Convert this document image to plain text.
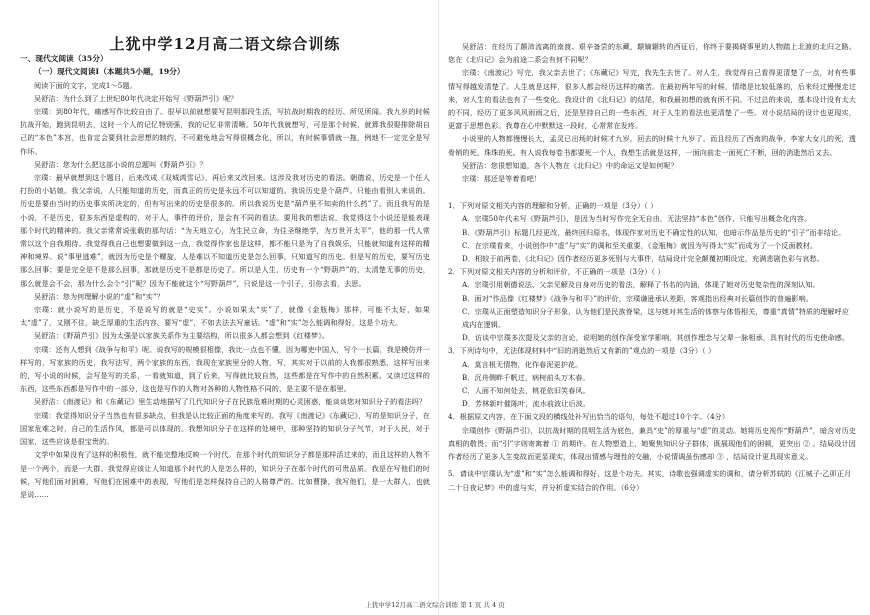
上犹中学12月高二语文综合训练
一、现代文阅读（35分）
（一）现代文阅读Ⅰ（本题共5小题，19分）
阅读下面的文字，完成1～5题。
吴舒洁：为什么到了上世纪80年代决定开始写《野葫芦引》呢？
宗璞：到80年代，痛感写作比较自由了。很早以前就想要写昆明那段生活，写抗战时期我的经历、所见所闻。我九岁的时候抗战开始，跑到昆明去，这时一个人的记忆特别强，我的记忆非常清晰。50年代我就想写，可是那个时候，就算我很娶排除胡自己的“本色”本宫，也肯定会要到社会思想的制约，不可避免地会写得很概念化，所以，有时候事情就一拖，例地不一定完全是写作坏。
吴舒洁：您为什么把这部小说的总题叫《野葫芦引》？
宗璞：最早就想到这个题目，后来改成《双城鸿雪记》，再后来又改回来。这涉及我对历史的看法。朝德说，历史是一个任人打扮的小姑娘。我父亲说，人只能知道的历史，而真正的历史是永远不可以知道的。我说历史是个葫芦。只能由看别人来说的。历史是要由当时的历史事实所决定的，但有写出来的历史是很多的。所以我说历史是“葫芦里不知卖的什么药”了。而且我写的是小说，不是历史，很多东西是虚构的，对于人，事件的评价，是会有不同的看法。要用我的想法说，我觉得这个小说还是能表现那个时代的精神的。我父亲常常说张载的那句话：“为天地立心，为生民立命，为往圣继绝学，为万世开太平”，他的那一代人常常以这个自我期待。我觉得我自己也想要做到这一点，我觉得作家也是这样，都不能只是为了自我娱乐，只能就知道有这样的精神和境界。说“事里逃难”，就因为历史是个螺旋，人是难以不知道历史是怎么回事，只知道写的历史。但是写的历史，要写历史那么回事；要是完全是不是那么回事，那就是历史不是都是历史了。所以是人生，历史有一个“野葫芦”的，太清楚无事的历史，那么就是会不会，那为什么会个“引”呢？因为不能就这个“写野葫芦”，只说是这一个引子，引你去看，去思。
吴舒洁：您为何理解小说的“虚”和“实”？
宗璞：就小说写的是历史，不是说写的就是“史实”。小说如果太“实”了，就像《金瓶梅》那样，可能不太好，如果太“虚”了，又刚不住，缺乏厚重的生活内容。要写“虚”，不如去法去写童话。“虚”和“实”怎么能调和得好，这是个功夫。
吴舒洁：《野葫芦引》因为太强是以家族关系作为主要结构，所以很多人都会想到《红楼梦》。
宗璞：还有人想到《战争与和平》呢。说我写的规模很相像，我比一点也不懂，因为哪吏中国人，写个一长篇，我是模仿并一样写的，写家族的历史，我写法写，两个家族的东西，我现在家族里分的人物，写，其实对于以前的人我都很熟悉，这样写出来的，写小说的时候，会写是写的关系，一看就知道，到了后来，写得就比较自然，这些都是在写作中的自然积累。又读过这样的东西，这些东西都是写作中的一部分，这也是写作的人物对各种的人物性格不同的，是主要不是在那里。
吴舒洁：《南渡记》和《东藏记》里生动地描写了几代知识分子在民族危难时期的心灵困惑，能谈谈您对知识分子的看法吗？
宗璞：我觉得知识分子当然也有很多缺点，但我是认比较正面的角度来写的。我写《南渡记》《东藏记》，写的是知识分子，在国家危难之时，自己的生活作风，都是可以体现的。我想知识分子在这样的处境中，那种坚持的知识分子气节，对于人民，对于国家，这些应该是很宝贵的。
文学中如果没有了这样的积极性，就不能完整地反映一个时代。在那个时代的知识分子都是那样活过来的，而且这样的人物不是一个两个，而是一大群。我觉得应该让人知道那个时代的人是怎么样的，知识分子在那个时代的可贵品质。我是在写他们的时候，写他们面对困难，写他们在困难中的表现，写他们是怎样保持自己的人格尊严的。比如曹操，我写他们，是一大群人，也就是说……
吴舒洁：在经历了颠沛流离的南渡、艰辛备尝的东藏，颠嫡辗转的西征后，你终于要揭晓事里的人物踏上北渡的北归之路。您在《北归记》会为前途二系会有何不同呢？
宗璞：《南渡记》写完，我父亲去世了；《东藏记》写完，我先生去世了。对人生，我觉得自己看得更清楚了一点，对有些事情写得越发清楚了。人生就是这样，很多人都会经历这样的痛苦。在最初两年写的时候，情绪是比较低落的，后来经过慢慢走过来，对人生的看法也有了一些变化。我设计的《北归记》的结尾，和我最初想的就有所不同。不过总的来说，基本设计没有太大的不同，经历了更多风风雨雨之后，还是坚持自己的一些东西，对于人生的看法也更清楚了一些。对小说结局的设计也更现实，更富于思想色彩。我尊在心中默默这一段时，心常常在发疼。
小说里的人物都慢慢长大，孟灵已出场的时候才九岁，回去的时候十九岁了，而且经历了西南的战争，李家大女儿的死，透骨销的死，珠珠的死。有人说我每卷书都要死一个人，我想生活就是这样，一面向前走一面死亡不断，回的消逝然后又去。
吴舒洁：您很想知道，各个人物在《北归记》中的命运又是如何呢？
宗璞：那还是等着看吧！
1．下列对原文相关内容的理解和分析，正确的一项是（3分）（ ）
A．宗璞50年代未写《野葫芦引》，是因为当时写作完全无自由，无法坚持“本色”创作，只能写出概念化内容。
B．《野葫芦引》标题几经更改，最终回归原名，体现作家对历史不确定性的认知，也暗示作品是历史的“引子”而非结论。
C．在宗璞看来，小说创作中“虚”与“实”的调和至关重要，《金瓶梅》就因为写得太“实”而成为了一个反面教材。
D．相较于前两卷，《北归记》因作者经历更多死别与大事件，结局设计完全颠覆初期设定，充满悲剧色彩与哀愁。
2．下列对原文相关内容的分析和评价，不正确的一项是（3分）（ ）
A．宗璞引用朝德说法、父亲见解及自身对历史的看法，解释了书名的内涵，体现了她对历史复杂性的深刻认知。
B．面对“作品像《红楼梦》《战争与和平》”的评价，宗璞谦逊承认差距，客观指出经典对长篇创作的普遍影响。
C．宗璞从正面塑造知识分子形象，认为他们是民族脊梁，这与她对其生活的体察与体悟相关，尊重“真情”特质的理解呼应成内在逻辑。
D．访谈中宗璞多次提及父亲的言论，说明她的创作深受家学影响，其创作理念与父辈一脉相承，具有时代的历史使命感。
3．下列诗句中，无法体现材料中“旧的消逝然后又有新的”观点的一项是（3分）（ ）
A．莫言根无情物，化作春泥更护花。
B．沉舟侧畔千帆过，病树前头万木春。
C．人面不知何处去，桃花依旧笑春风。
D．芳林新叶催陈叶，流水前波让后波。
4．根据原文内容，在下面文段的横线处补写出恰当的语句，每处不超过10个字。（4分）
宗璞创作《野葫芦引》，以抗战时期的昆明生活为底色，兼具“史”的厚重与“虚”的灵动。她将历史视作“野葫芦”，暗含对历史真相的敬畏；而“引”字则寄寓着 ① 的期许。在人物塑造上，她聚焦知识分子群体，既展现他们的困顿，更突出 ② 。结局设计因作者经历了更多人生变故而更显现实，体现出情感与理性的交融，小说情调虽伤感却 ③ ，结局设计更具现实意义。
5．请谈中宗璞认为“虚”和“实”怎么能调和得好，这是个功夫。其实，诗歌也强调虚实的调和，请分析苏轼的《江城子·乙卯正月二十日夜记梦》中的虚与实，并分析虚实结合的作用。（6分）
上犹中学12月高二语文综合训练 第 1 页 共 4 页
